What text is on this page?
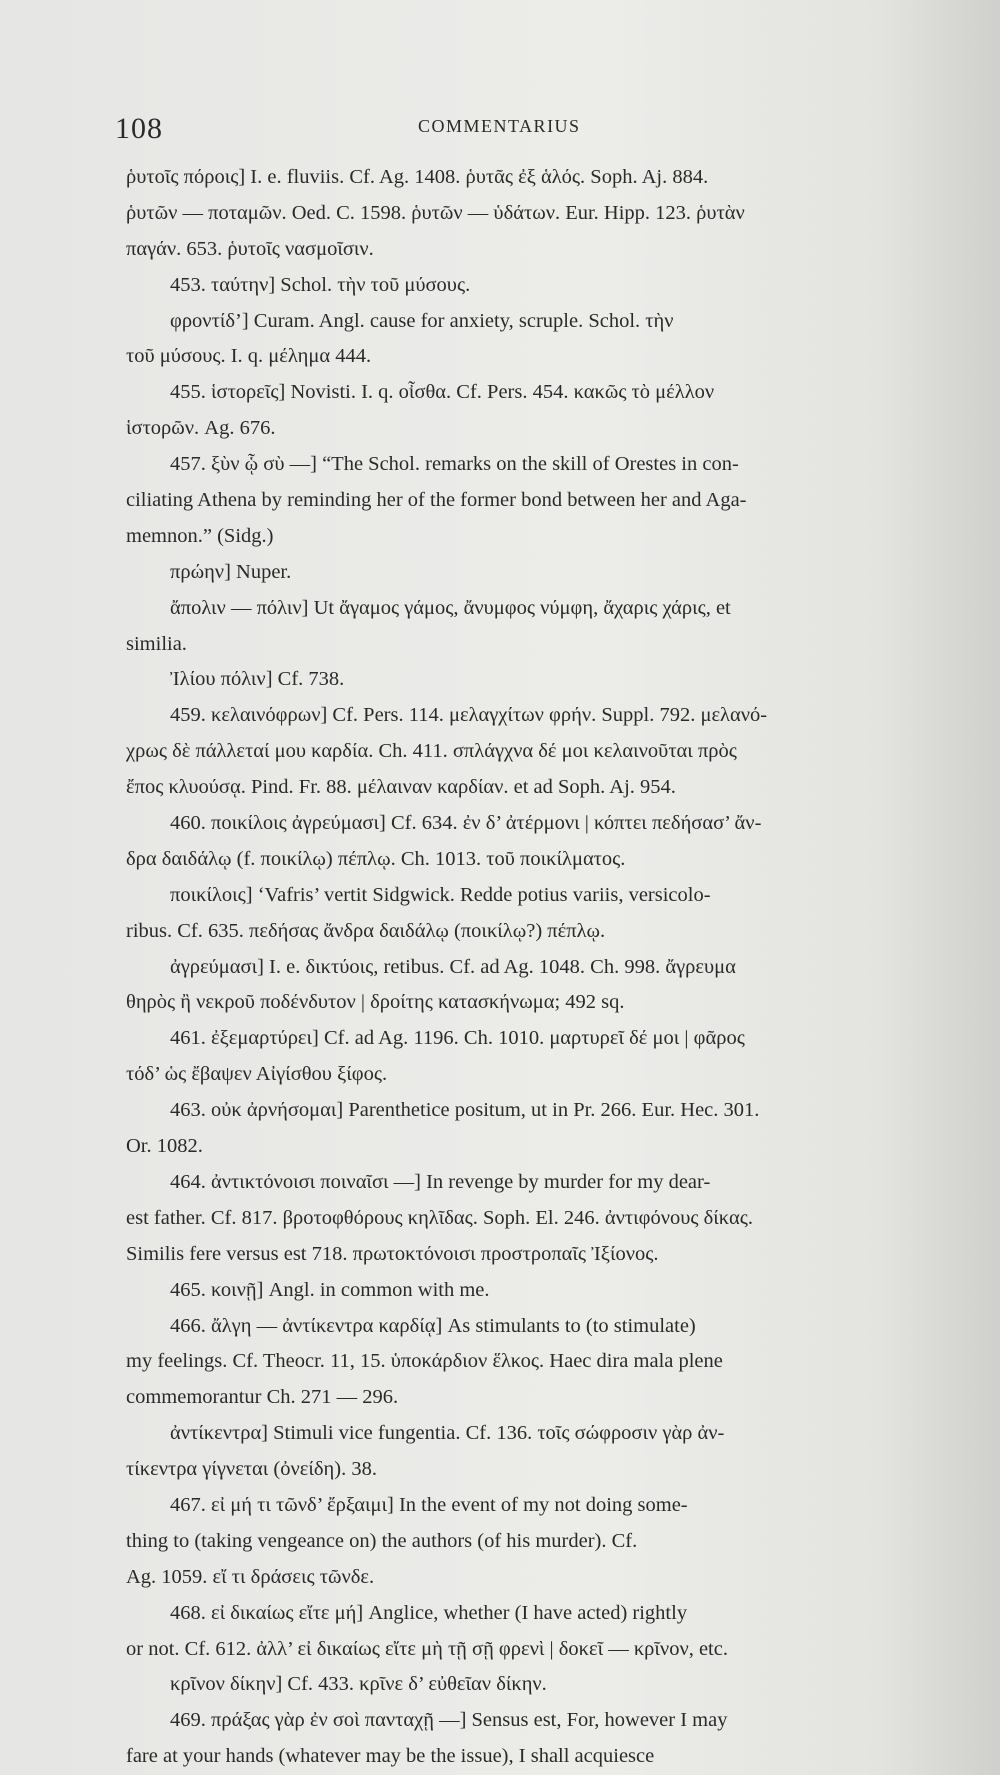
108	COMMENTARIUS
ῥυτοῖς πόροις] I. e. fluviis. Cf. Ag. 1408. ῥυτᾶς ἐξ ἁλός. Soph. Aj. 884.
ῥυτῶν — ποταμῶν. Oed. C. 1598. ῥυτῶν — ὑδάτων. Eur. Hipp. 123. ῥυτὰν
παγάν. 653. ῥυτοῖς νασμοῖσιν.
453. ταύτην] Schol. τὴν τοῦ μύσους.
φροντίδ’] Curam. Angl. cause for anxiety, scruple. Schol. τὴν
τοῦ μύσους. I. q. μέλημα 444.
455. ἱστορεῖς] Novisti. I. q. οἶσθα. Cf. Pers. 454. κακῶς τὸ μέλλον
ἱστορῶν. Ag. 676.
457. ξὺν ᾧ σὺ —] “The Schol. remarks on the skill of Orestes in con-
ciliating Athena by reminding her of the former bond between her and Aga-
memnon.” (Sidg.)
πρώην] Nuper.
ἄπολιν — πόλιν] Ut ἄγαμος γάμος, ἄνυμφος νύμφη, ἄχαρις χάρις, et
similia.
Ἰλίου πόλιν] Cf. 738.
459. κελαινόφρων] Cf. Pers. 114. μελαγχίτων φρήν. Suppl. 792. μελανό-
χρως δὲ πάλλεταί μου καρδία. Ch. 411. σπλάγχνα δέ μοι κελαινοῦται πρὸς
ἔπος κλυούσᾳ. Pind. Fr. 88. μέλαιναν καρδίαν. et ad Soph. Aj. 954.
460. ποικίλοις ἀγρεύμασι] Cf. 634. ἐν δ’ ἀτέρμονι | κόπτει πεδήσασ’ ἄν-
δρα δαιδάλῳ (f. ποικίλῳ) πέπλῳ. Ch. 1013. τοῦ ποικίλματος.
ποικίλοις] ‘Vafris’ vertit Sidgwick. Redde potius variis, versicolo-
ribus. Cf. 635. πεδήσας ἄνδρα δαιδάλῳ (ποικίλῳ?) πέπλῳ.
ἀγρεύμασι] I. e. δικτύοις, retibus. Cf. ad Ag. 1048. Ch. 998. ἄγρευμα
θηρὸς ἢ νεκροῦ ποδένδυτον | δροίτης κατασκήνωμα; 492 sq.
461. ἐξεμαρτύρει] Cf. ad Ag. 1196. Ch. 1010. μαρτυρεῖ δέ μοι | φᾶρος
τόδ’ ὡς ἔβαψεν Αἰγίσθου ξίφος.
463. οὐκ ἀρνήσομαι] Parenthetice positum, ut in Pr. 266. Eur. Hec. 301.
Or. 1082.
464. ἀντικτόνοισι ποιναῖσι —] In revenge by murder for my dear-
est father. Cf. 817. βροτοφθόρους κηλῖδας. Soph. El. 246. ἀντιφόνους δίκας.
Similis fere versus est 718. πρωτοκτόνοισι προστροπαῖς Ἰξίονος.
465. κοινῇ] Angl. in common with me.
466. ἄλγη — ἀντίκεντρα καρδίᾳ] As stimulants to (to stimulate)
my feelings. Cf. Theocr. 11, 15. ὑποκάρδιον ἕλκος. Haec dira mala plene
commemorantur Ch. 271 — 296.
ἀντίκεντρα] Stimuli vice fungentia. Cf. 136. τοῖς σώφροσιν γὰρ ἀν-
τίκεντρα γίγνεται (ὀνείδη). 38.
467. εἰ μή τι τῶνδ’ ἔρξαιμι] In the event of my not doing some-
thing to (taking vengeance on) the authors (of his murder). Cf.
Ag. 1059. εἴ τι δράσεις τῶνδε.
468. εἰ δικαίως εἴτε μή] Anglice, whether (I have acted) rightly
or not. Cf. 612. ἀλλ’ εἰ δικαίως εἴτε μὴ τῇ σῇ φρενὶ | δοκεῖ — κρῖνον, etc.
κρῖνον δίκην] Cf. 433. κρῖνε δ’ εὐθεῖαν δίκην.
469. πράξας γὰρ ἐν σοὶ πανταχῇ —] Sensus est, For, however I may
fare at your hands (whatever may be the issue), I shall acquiesce
